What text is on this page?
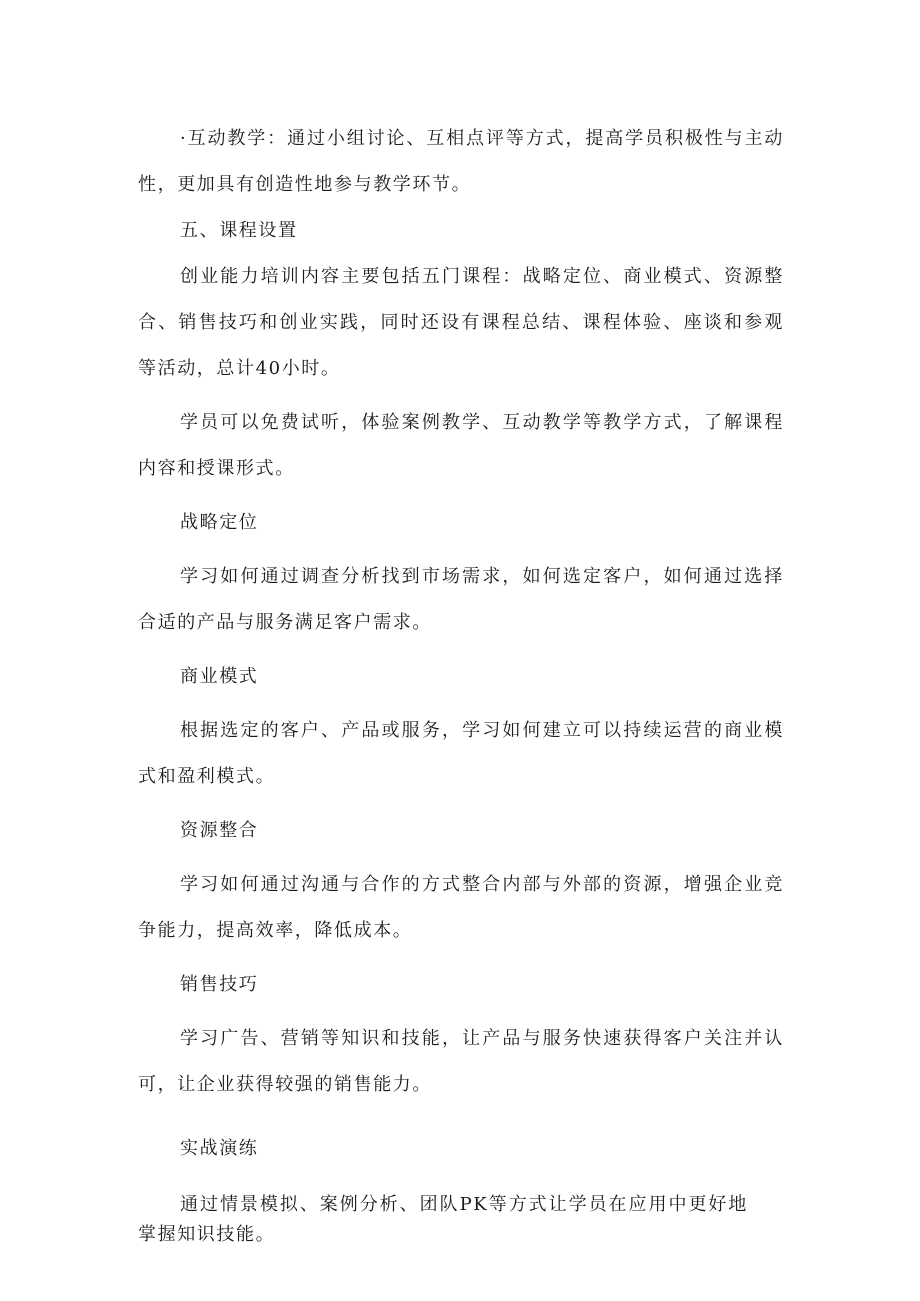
·互动教学：通过小组讨论、互相点评等方式，提高学员积极性与主动性，更加具有创造性地参与教学环节。

五、课程设置

创业能力培训内容主要包括五门课程：战略定位、商业模式、资源整合、销售技巧和创业实践，同时还设有课程总结、课程体验、座谈和参观等活动，总计40小时。

学员可以免费试听，体验案例教学、互动教学等教学方式，了解课程内容和授课形式。

战略定位

学习如何通过调查分析找到市场需求，如何选定客户，如何通过选择合适的产品与服务满足客户需求。

商业模式

根据选定的客户、产品或服务，学习如何建立可以持续运营的商业模式和盈利模式。

资源整合

学习如何通过沟通与合作的方式整合内部与外部的资源，增强企业竞争能力，提高效率，降低成本。

销售技巧

学习广告、营销等知识和技能，让产品与服务快速获得客户关注并认可，让企业获得较强的销售能力。

实战演练

通过情景模拟、案例分析、团队PK等方式让学员在应用中更好地掌握知识技能。
